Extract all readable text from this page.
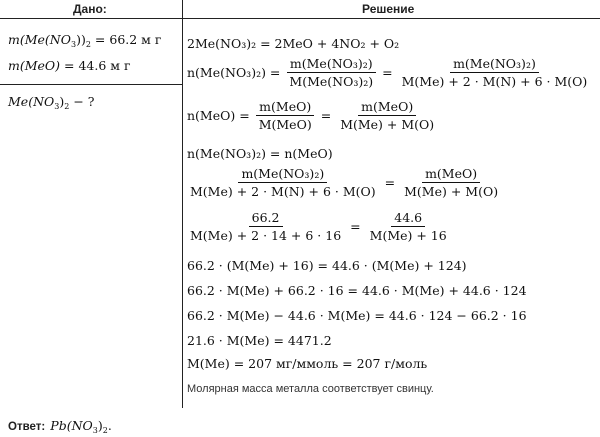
Дано:
$m(Me(NO_3))_2 = 66.2$ м г
m(MeO) = 44.6 м г
$Me(NO_3)_2$ − ?
Решение
2Me(NO₃)₂ = 2MeO + 4NO₂ + O₂
$n(Me(NO_3)_2) = \frac{\text{m(Me(NO₃)₂)}}{\text{M(Me(NO₃)₂)}} = \frac{\text{m(Me(NO₃)₂)}}{M(Me) + 2 \cdot M(N) + 6 \cdot M(O)}$
$n(MeO) = \frac{\text{m(MeO)}}{\text{M(MeO)}} = \frac{\text{m(MeO)}}{M(Me) + M(O)}$
n(Me(NO₃)₂) = n(MeO)
$\frac{\text{m(Me(NO₃)₂)}}{M(Me) + 2 \cdot M(N) + 6 \cdot M(O)} = \frac{\text{m(MeO)}}{M(Me) + M(O)}$
$\frac{66.2}{M(Me) + 2 \cdot 14 + 6 \cdot 16} = \frac{44.6}{M(Me) + 16}$
66.2 · (M(Me) + 16) = 44.6 · (M(Me) + 124)
66.2 · M(Me) + 66.2 · 16 = 44.6 · M(Me) + 44.6 · 124
66.2 · M(Me) − 44.6 · M(Me) = 44.6 · 124 − 66.2 · 16
21.6 · M(Me) = 4471.2
M(Me) = 207 мг/ммоль = 207 г/моль
Молярная масса металла соответствует свинцу.
Ответ: $Pb(NO_3)_2$.
